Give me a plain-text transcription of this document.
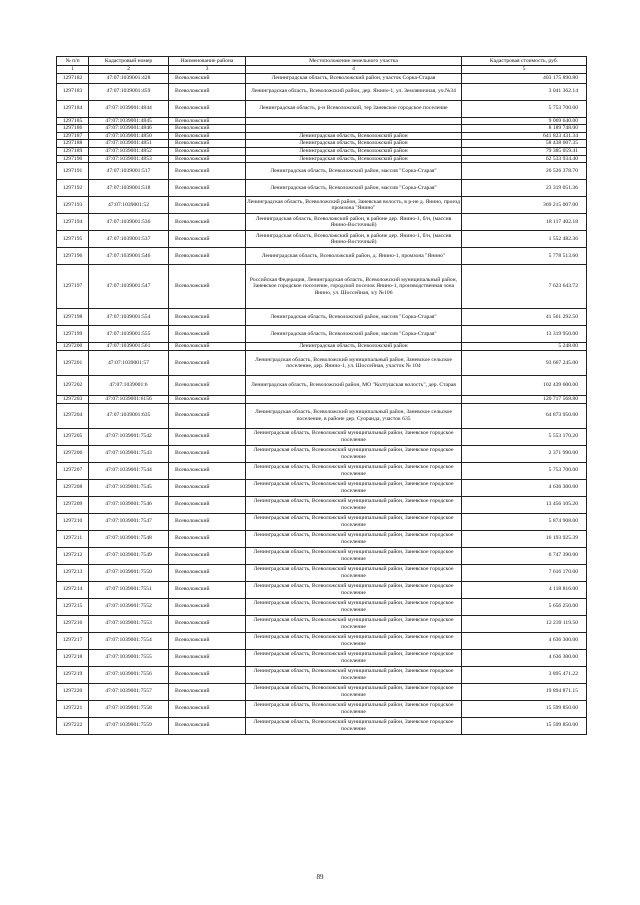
№ п/п	Кадастровый номер	Наименование района	Местоположение земельного участка	Кадастровая стоимость, руб.
1	2	3	4	5
1297182	47:07:1039001:428	Всеволожский	Ленинградская область, Всеволожский район, участок Сорка-Старая	403 175 890.80
1297183	47:07:1039001:459	Всеволожский	Ленинградская область, Всеволожский район, дер. Янино-1, ул. Земляничная, уч.№34	3 041 362.14
1297184	47:07:1039001:4844	Всеволожский	Ленинградская область, р-н Всеволожский, тер Заневское городское поселение	5 753 700.00
1297185	47:07:1039001:4845	Всеволожский		9 069 640.00
1297186	47:07:1039001:4846	Всеволожский		8 189 748.00
1297187	47:07:1039001:4850	Всеволожский	Ленинградская область, Всеволожский район	641 823 431.34
1297188	47:07:1039001:4851	Всеволожский	Ленинградская область, Всеволожский район	58 438 607.35
1297189	47:07:1039001:4852	Всеволожский	Ленинградская область, Всеволожский район	79 385 059.41
1297190	47:07:1039001:4853	Всеволожский	Ленинградская область, Всеволожский район	62 533 934.40
1297191	47:07:1039001:517	Всеволожский	Ленинградская область, Всеволожский район, массив "Сорка-Старая"	26 526 378.70
1297192	47:07:1039001:518	Всеволожский	Ленинградская область, Всеволожский район, массив "Сорка-Старая"	23 319 051.36
1297193	47:07:1039001:52	Всеволожский	Ленинградская область, Всеволожский район, Заневская волость, в р-не д. Янино, проезд промзона "Янино"	369 215 007.00
1297194	47:07:1039001:536	Всеволожский	Ленинградская область, Всеволожский район, в районе дер. Янино-1, б/н, (массив Янино-Восточный)	18 117 402.18
1297195	47:07:1039001:537	Всеволожский	Ленинградская область, Всеволожский район, в районе дер. Янино-1, б/н, (массив Янино-Восточный)	1 552 482.36
1297196	47:07:1039001:546	Всеволожский	Ленинградская область, Всеволожский район, д. Янино-1, промзона "Янино"	5 778 513.60
1297197	47:07:1039001:547	Всеволожский	Российская Федерация, Ленинградская область, Всеволожский муниципальный район, Заневское городское поселение, городской поселок Янино-1, производственная зона Янино, ул. Шоссейная, з/у №106	7 623 643.72
1297198	47:07:1039001:554	Всеволожский	Ленинградская область, Всеволожский район, массив "Сорка-Старая"	41 561 292.50
1297199	47:07:1039001:555	Всеволожский	Ленинградская область, Всеволожский район, массив "Сорка-Старая"	13 319 950.00
1297200	47:07:1039001:561	Всеволожский	Ленинградская область, Всеволожский район	5 248.00
1297201	47:07:1039001:57	Всеволожский	Ленинградская область, Всеволожский муниципальный район, Заневское сельское поселение, дер. Янино-1, ул. Шоссейная, участок № 104	93 667 245.00
1297202	47:07:1039001:6	Всеволожский	Ленинградская область, Всеволожский район, МО "Колтушская волость", дер. Старая	102 439 600.00
1297203	47:07:1039001:6156	Всеволожский		120 717 568.80
1297204	47:07:1039001:635	Всеволожский	Ленинградская область, Всеволожский муниципальный район, Заневское сельское поселение, в районе дер. Суоранда, участок 635	64 873 950.00
1297205	47:07:1039001:7542	Всеволожский	Ленинградская область, Всеволожский муниципальный район, Заневское городское поселение	5 553 170.20
1297206	47:07:1039001:7543	Всеволожский	Ленинградская область, Всеволожский муниципальный район, Заневское городское поселение	2 371 990.00
1297207	47:07:1039001:7544	Всеволожский	Ленинградская область, Всеволожский муниципальный район, Заневское городское поселение	5 753 700.00
1297208	47:07:1039001:7545	Всеволожский	Ленинградская область, Всеволожский муниципальный район, Заневское городское поселение	4 636 300.00
1297209	47:07:1039001:7546	Всеволожский	Ленинградская область, Всеволожский муниципальный район, Заневское городское поселение	13 456 105.20
1297210	47:07:1039001:7547	Всеволожский	Ленинградская область, Всеволожский муниципальный район, Заневское городское поселение	5 874 908.00
1297211	47:07:1039001:7548	Всеволожский	Ленинградская область, Всеволожский муниципальный район, Заневское городское поселение	16 193 925.39
1297212	47:07:1039001:7549	Всеволожский	Ленинградская область, Всеволожский муниципальный район, Заневское городское поселение	6 747 390.00
1297213	47:07:1039001:7550	Всеволожский	Ленинградская область, Всеволожский муниципальный район, Заневское городское поселение	7 616 170.00
1297214	47:07:1039001:7551	Всеволожский	Ленинградская область, Всеволожский муниципальный район, Заневское городское поселение	4 118 816.00
1297215	47:07:1039001:7552	Всеволожский	Ленинградская область, Всеволожский муниципальный район, Заневское городское поселение	5 656 250.00
1297216	47:07:1039001:7553	Всеволожский	Ленинградская область, Всеволожский муниципальный район, Заневское городское поселение	12 239 119.50
1297217	47:07:1039001:7554	Всеволожский	Ленинградская область, Всеволожский муниципальный район, Заневское городское поселение	4 636 300.00
1297218	47:07:1039001:7555	Всеволожский	Ленинградская область, Всеволожский муниципальный район, Заневское городское поселение	4 636 300.00
1297219	47:07:1039001:7556	Всеволожский	Ленинградская область, Всеволожский муниципальный район, Заневское городское поселение	3 895 471.22
1297220	47:07:1039001:7557	Всеволожский	Ленинградская область, Всеволожский муниципальный район, Заневское городское поселение	19 894 871.15
1297221	47:07:1039001:7558	Всеволожский	Ленинградская область, Всеволожский муниципальный район, Заневское городское поселение	15 599 850.00
1297222	47:07:1039001:7559	Всеволожский	Ленинградская область, Всеволожский муниципальный район, Заневское городское поселение	15 599 850.00
89
